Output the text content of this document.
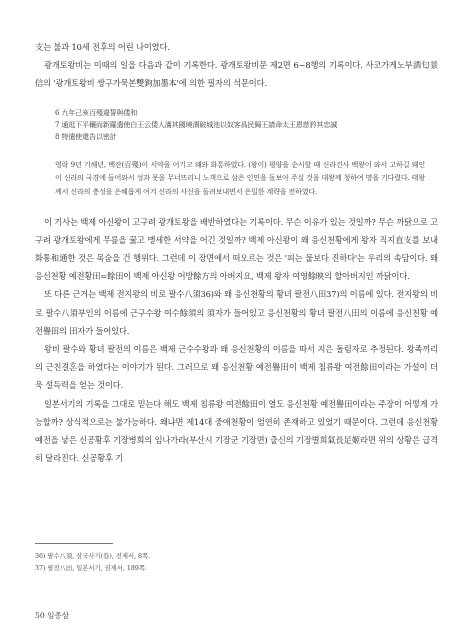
支는 불과 10세 전후의 어린 나이였다.

광개토왕비는 이때의 일을 다음과 같이 기록한다. 광개토왕비문 제2면 6~8행의 기록이다. 사코가게노부酒匂景信의 '광개토왕비 쌍구가묵본雙鉤加墨本'에 의한 필자의 석문이다.

6 九年己亥百殘違誓與倭和
7 通逛下平穰而新羅遣使白王云倭人滿其國境潰破城池以奴客爲民歸王請命太王恩慈矜其忠誠
8 特遣使還告以密計
영락 9년 기해년, 백잔(百殘)이 서약을 어기고 왜와 화통하였다. (왕이) 평양을 순시할 때 신라건사 백왕이 와서 고하길 왜인이 신라의 국경에 들어와서 성과 못을 무너뜨리니 노객으로 삼은 인민을 돌보아 주실 것을 대왕께 청하여 명을 기다렸다. 태왕께서 신라의 충성을 은혜롭게 여겨 신라의 사신을 돌려보내면서 은밀한 계략을 전하였다.

이 기사는 백제 아신왕이 고구려 광개토왕을 배반하였다는 기록이다. 무슨 이유가 있는 것일까? 무슨 까닭으로 고구려 광개토왕에게 무릎을 꿇고 맹세한 서약을 어긴 것일까? 백제 아신왕이 왜 응신천황에게 왕자 직지直支를 보내 화통和通한 것은 목숨을 건 행위다. 그런데 이 장면에서 떠오르는 것은 '피는 물보다 진하다'는 우리의 속담이다. 왜 응신천황 예전황田=餘田이 백제 아신왕 어방餘方의 아버지요, 백제 왕자 여영餘映의 할아버지인 까닭이다.

또 다른 근거는 백제 전지왕의 비로 팔수八須36)와 왜 응신천황의 황녀 팔전八田37)의 이름에 있다. 전지왕의 비로 팔수八須부인의 이름에 근구수왕 여수餘須의 須자가 들어있고 응신천황의 황녀 팔전八田의 이름에 응신천황 예전譽田의 田자가 들어있다.

왕비 팔수와 황녀 팔전의 이름은 백제 근수수왕과 왜 응신천황의 이름을 따서 지은 돌림자로 추정된다. 왕족끼리의 근친결혼을 하였다는 이야기가 된다. 그러므로 왜 응신천황 예전譽田이 백제 침류왕 여전餘田이라는 가설이 더욱 설득력을 얻는 것이다.

일본서기의 기록을 그대로 믿는다 해도 백제 침류왕 여전餘田이 열도 응신천황 예전譽田이라는 주장이 어떻게 가능할까? 상식적으로는 불가능하다. 왜냐면 제14대 중애천황이 엄연히 존재하고 있었기 때문이다. 그런데 응신천황 예전을 낳은 신공황후 기장병희의 임나가라(부산시 기장군 기장면) 출신의 기장별희氣長足姬라면 위의 상황은 급격히 달라진다. 신공황후 기

36) 팔수八須, 삼국사기(卷), 전제서, 8쪽.
37) 팔전八田, 일본서기, 권제서, 189쪽.
50 임종삼
